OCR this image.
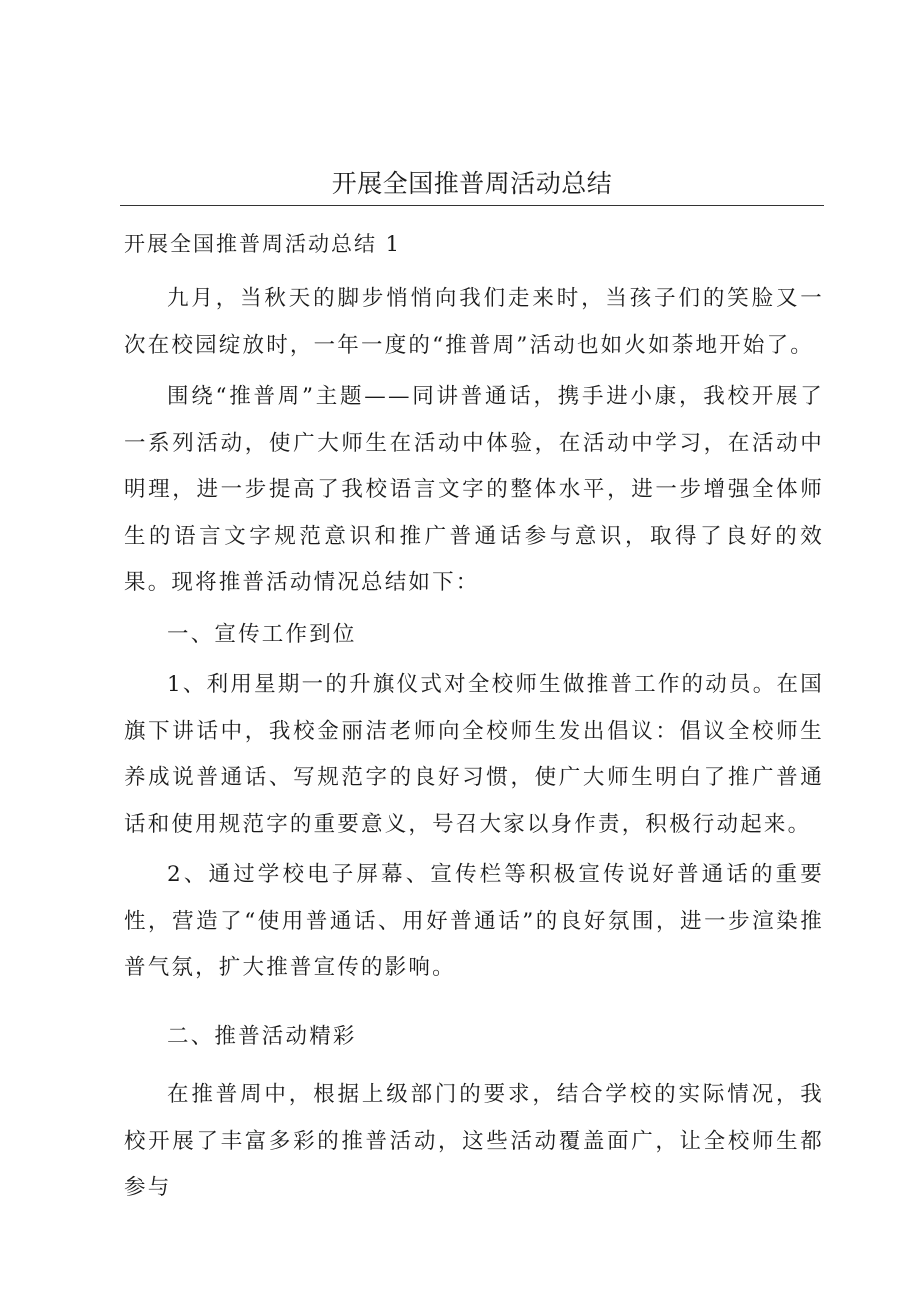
开展全国推普周活动总结
开展全国推普周活动总结 1

九月，当秋天的脚步悄悄向我们走来时，当孩子们的笑脸又一次在校园绽放时，一年一度的“推普周”活动也如火如荼地开始了。

围绕“推普周”主题——同讲普通话，携手进小康，我校开展了一系列活动，使广大师生在活动中体验，在活动中学习，在活动中明理，进一步提高了我校语言文字的整体水平，进一步增强全体师生的语言文字规范意识和推广普通话参与意识，取得了良好的效果。现将推普活动情况总结如下：

一、宣传工作到位

1、利用星期一的升旗仪式对全校师生做推普工作的动员。在国旗下讲话中，我校金丽洁老师向全校师生发出倡议：倡议全校师生养成说普通话、写规范字的良好习惯，使广大师生明白了推广普通话和使用规范字的重要意义，号召大家以身作责，积极行动起来。

2、通过学校电子屏幕、宣传栏等积极宣传说好普通话的重要性，营造了“使用普通话、用好普通话”的良好氛围，进一步渲染推普气氛，扩大推普宣传的影响。

二、推普活动精彩

在推普周中，根据上级部门的要求，结合学校的实际情况，我校开展了丰富多彩的推普活动，这些活动覆盖面广，让全校师生都参与
